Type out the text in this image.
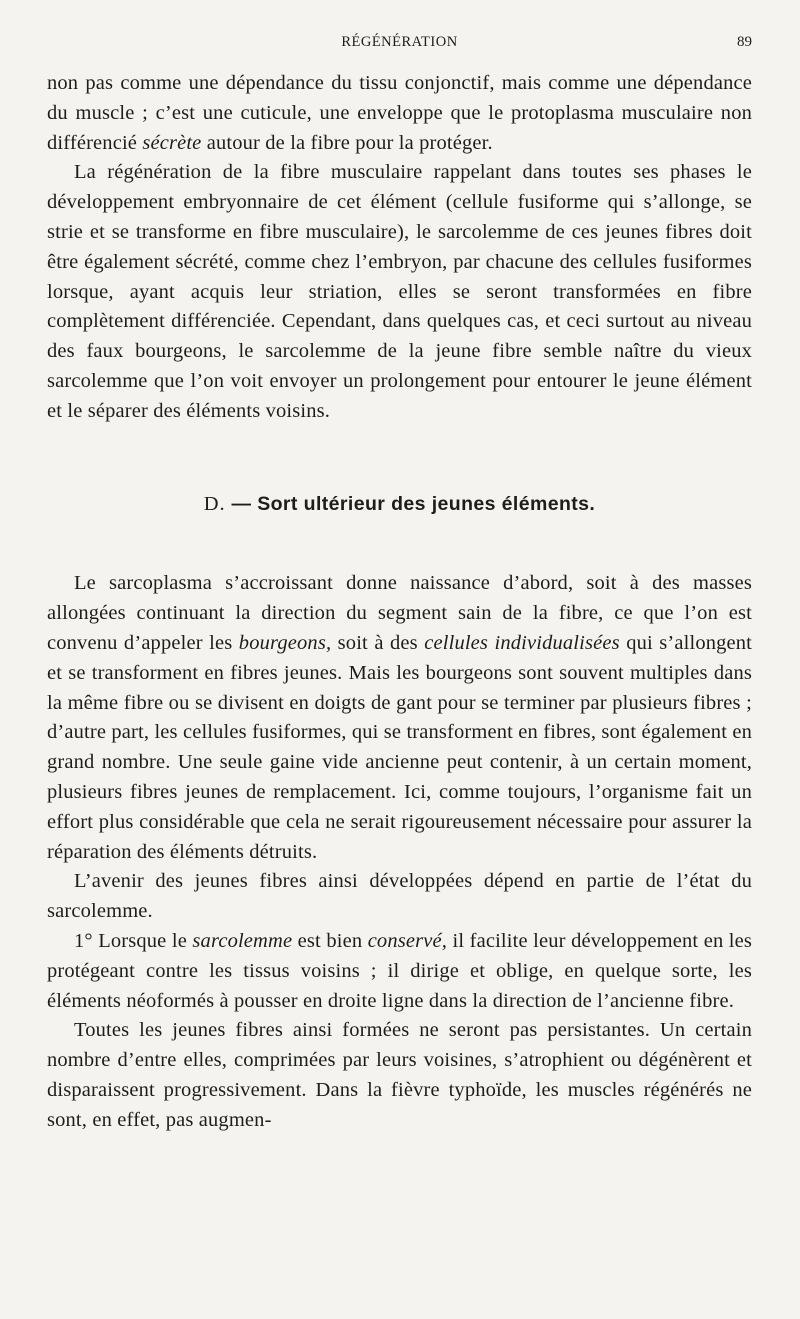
RÉGÉNÉRATION	89

non pas comme une dépendance du tissu conjonctif, mais comme une dépendance du muscle ; c’est une cuticule, une enveloppe que le protoplasma musculaire non différencié sécrète autour de la fibre pour la protéger.

La régénération de la fibre musculaire rappelant dans toutes ses phases le développement embryonnaire de cet élément (cellule fusiforme qui s’allonge, se strie et se transforme en fibre musculaire), le sarcolemme de ces jeunes fibres doit être également sécrété, comme chez l’embryon, par chacune des cellules fusiformes lorsque, ayant acquis leur striation, elles se seront transformées en fibre complètement différenciée. Cependant, dans quelques cas, et ceci surtout au niveau des faux bourgeons, le sarcolemme de la jeune fibre semble naître du vieux sarcolemme que l’on voit envoyer un prolongement pour entourer le jeune élément et le séparer des éléments voisins.

D. — Sort ultérieur des jeunes éléments.

Le sarcoplasma s’accroissant donne naissance d’abord, soit à des masses allongées continuant la direction du segment sain de la fibre, ce que l’on est convenu d’appeler les bourgeons, soit à des cellules individualisées qui s’allongent et se transforment en fibres jeunes. Mais les bourgeons sont souvent multiples dans la même fibre ou se divisent en doigts de gant pour se terminer par plusieurs fibres ; d’autre part, les cellules fusiformes, qui se transforment en fibres, sont également en grand nombre. Une seule gaine vide ancienne peut contenir, à un certain moment, plusieurs fibres jeunes de remplacement. Ici, comme toujours, l’organisme fait un effort plus considérable que cela ne serait rigoureusement nécessaire pour assurer la réparation des éléments détruits.

L’avenir des jeunes fibres ainsi développées dépend en partie de l’état du sarcolemme.

1° Lorsque le sarcolemme est bien conservé, il facilite leur développement en les protégeant contre les tissus voisins ; il dirige et oblige, en quelque sorte, les éléments néoformés à pousser en droite ligne dans la direction de l’ancienne fibre.

Toutes les jeunes fibres ainsi formées ne seront pas persistantes. Un certain nombre d’entre elles, comprimées par leurs voisines, s’atrophient ou dégénèrent et disparaissent progressivement. Dans la fièvre typhoïde, les muscles régénérés ne sont, en effet, pas augmen-
